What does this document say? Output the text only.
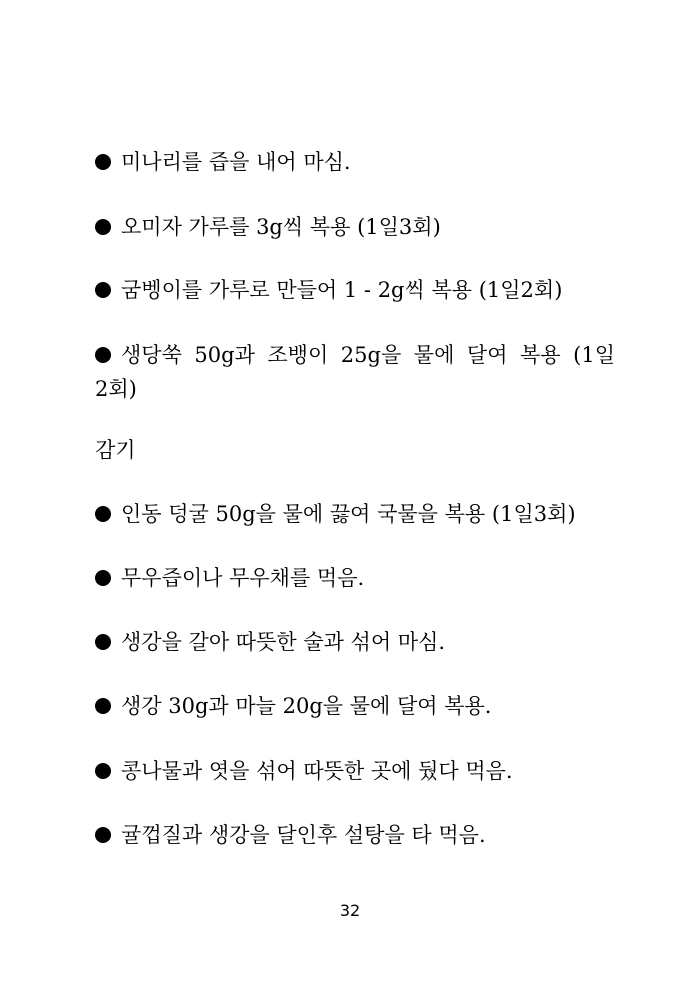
미나리를 즙을 내어 마심.
오미자 가루를 3g씩 복용 (1일3회)
굼벵이를 가루로 만들어 1 - 2g씩 복용 (1일2회)
생당쑥 50g과 조뱅이 25g을 물에 달여 복용 (1일2회)
감기
인동 덩굴 50g을 물에 끓여 국물을 복용 (1일3회)
무우즙이나 무우채를 먹음.
생강을 갈아 따뜻한 술과 섞어 마심.
생강 30g과 마늘 20g을 물에 달여 복용.
콩나물과 엿을 섞어 따뜻한 곳에 뒀다 먹음.
귤껍질과 생강을 달인후 설탕을 타 먹음.
32
